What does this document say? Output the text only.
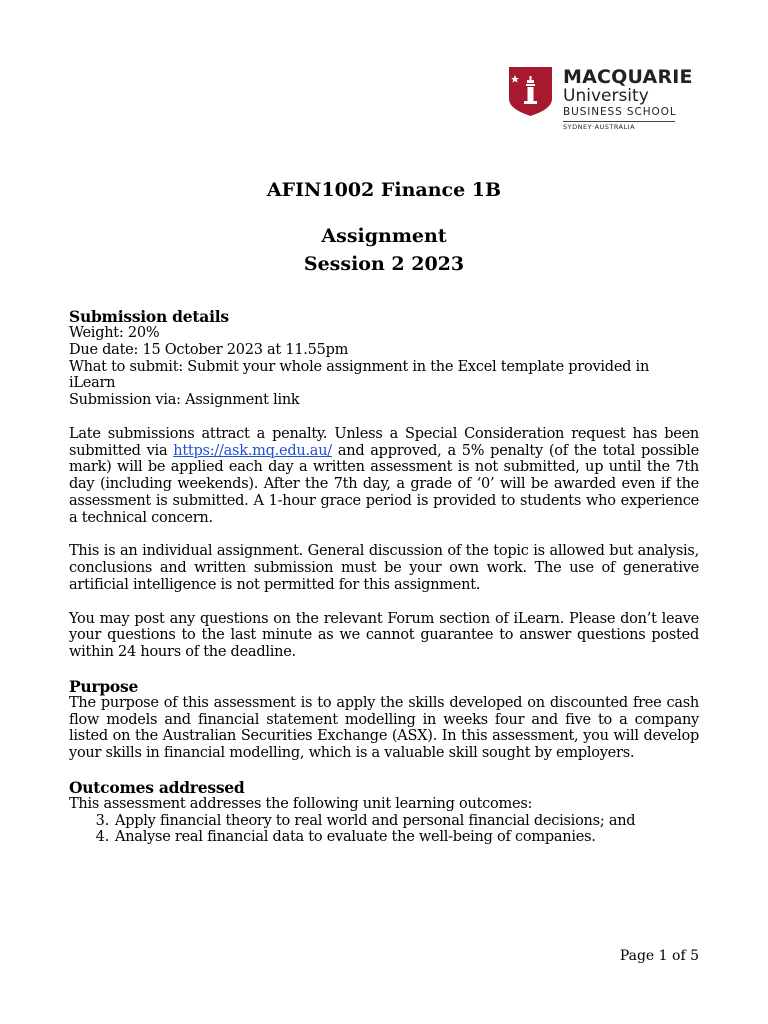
MACQUARIE
University
BUSINESS SCHOOL
SYDNEY·AUSTRALIA
AFIN1002 Finance 1B
Assignment
Session 2 2023
Submission details
Weight: 20%
Due date: 15 October 2023 at 11.55pm
What to submit: Submit your whole assignment in the Excel template provided in iLearn
Submission via: Assignment link

Late submissions attract a penalty. Unless a Special Consideration request has been submitted via https://ask.mq.edu.au/ and approved, a 5% penalty (of the total possible mark) will be applied each day a written assessment is not submitted, up until the 7th day (including weekends). After the 7th day, a grade of ‘0’ will be awarded even if the assessment is submitted. A 1-hour grace period is provided to students who experience a technical concern.

This is an individual assignment. General discussion of the topic is allowed but analysis, conclusions and written submission must be your own work. The use of generative artificial intelligence is not permitted for this assignment.

You may post any questions on the relevant Forum section of iLearn. Please don’t leave your questions to the last minute as we cannot guarantee to answer questions posted within 24 hours of the deadline.

Purpose

The purpose of this assessment is to apply the skills developed on discounted free cash flow models and financial statement modelling in weeks four and five to a company listed on the Australian Securities Exchange (ASX). In this assessment, you will develop your skills in financial modelling, which is a valuable skill sought by employers.

Outcomes addressed
This assessment addresses the following unit learning outcomes:
3. Apply financial theory to real world and personal financial decisions; and
4. Analyse real financial data to evaluate the well-being of companies.
Page 1 of 5
